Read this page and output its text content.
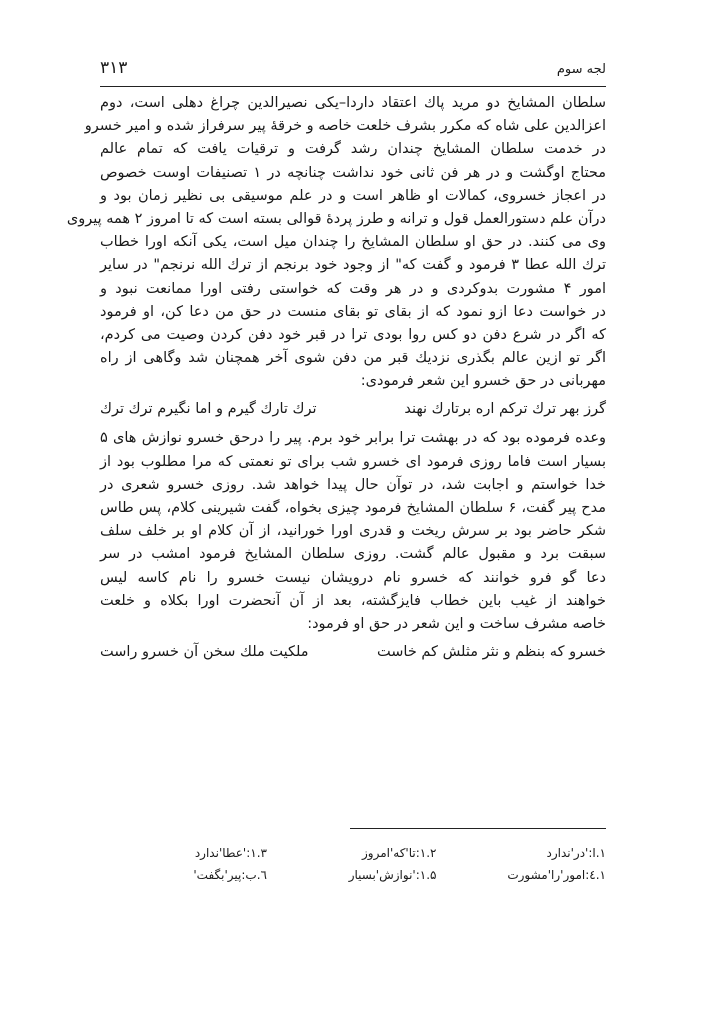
۳۱۳	لجه سوم
سلطان المشایخ دو مرید پاك اعتقاد داردا–یکی نصیرالدین چراغ دهلی است، دوم
اعزالدین علی شاه که مکرر بشرف خلعت خاصه و خرقۀ پیر سرفراز شده و امیر خسرو
در خدمت سلطان المشایخ چندان رشد گرفت و ترقیات یافت که تمام عالم
محتاج اوگشت و در هر فن ثانی خود نداشت چنانچه در ۱ تصنیفات اوست خصوص
در اعجاز خسروی، کمالات او ظاهر است و در علم موسیقی بی نظیر زمان بود و
درآن علم دستورالعمل قول و ترانه و طرز پردۀ قوالی بسته است که تا امروز ۲ همه پیروی
وی می کنند. در حق او سلطان المشایخ را چندان میل است، یکی آنکه اورا خطاب
ترك الله عطا ۳ فرمود و گفت که" از وجود خود برنجم از ترك الله نرنجم" در سایر
امور ۴ مشورت بدوکردی و در هر وقت که خواستی رفتی اورا ممانعت نبود و
در خواست دعا ازو نمود که از بقای تو بقای منست در حق من دعا کن، او فرمود
که اگر در شرع دفن دو کس روا بودی ترا در قبر خود دفن کردن وصیت می کردم،
اگر تو ازین عالم بگذری نزدیك قبر من دفن شوی آخر همچنان شد وگاهی از راه
مهربانی در حق خسرو این شعر فرمودی:
گرز بهر ترك ترکم اره برتارك نهند
ترك تارك گیرم و اما نگیرم ترك ترك
وعده فرموده بود که در بهشت ترا برابر خود برم. پیر را درحق خسرو نوازش های ۵
بسیار است فاما روزی فرمود ای خسرو شب برای تو نعمتی که مرا مطلوب بود از
خدا خواستم و اجابت شد، در توآن حال پیدا خواهد شد. روزی خسرو شعری در
مدح پیر گفت، ۶ سلطان المشایخ فرمود چیزی بخواه، گفت شیرینی کلام، پس طاس
شکر حاضر بود بر سرش ریخت و قدری اورا خورانید، از آن کلام او بر خلف سلف
سبقت برد و مقبول عالم گشت. روزی سلطان المشایخ فرمود امشب در سر
دعا گو فرو خوانند که خسرو نام درویشان نیست خسرو را نام کاسه لیس
خواهند از غیب باین خطاب فایزگشته، بعد از آن آنحضرت اورا بکلاه و خلعت
خاصه مشرف ساخت و این شعر در حق او فرمود:
خسرو که بنظم و نثر مثلش کم خاست
ملکیت ملك سخن آن خسرو راست
۱.ا:'در'ندارد
۱.۲:تا'که'امروز
۱.۳:'عطا'ندارد
۱.٤:امور'را'مشورت
۱.۵:'نوازش'بسیار
٦.ب:پیر'بگفت'
